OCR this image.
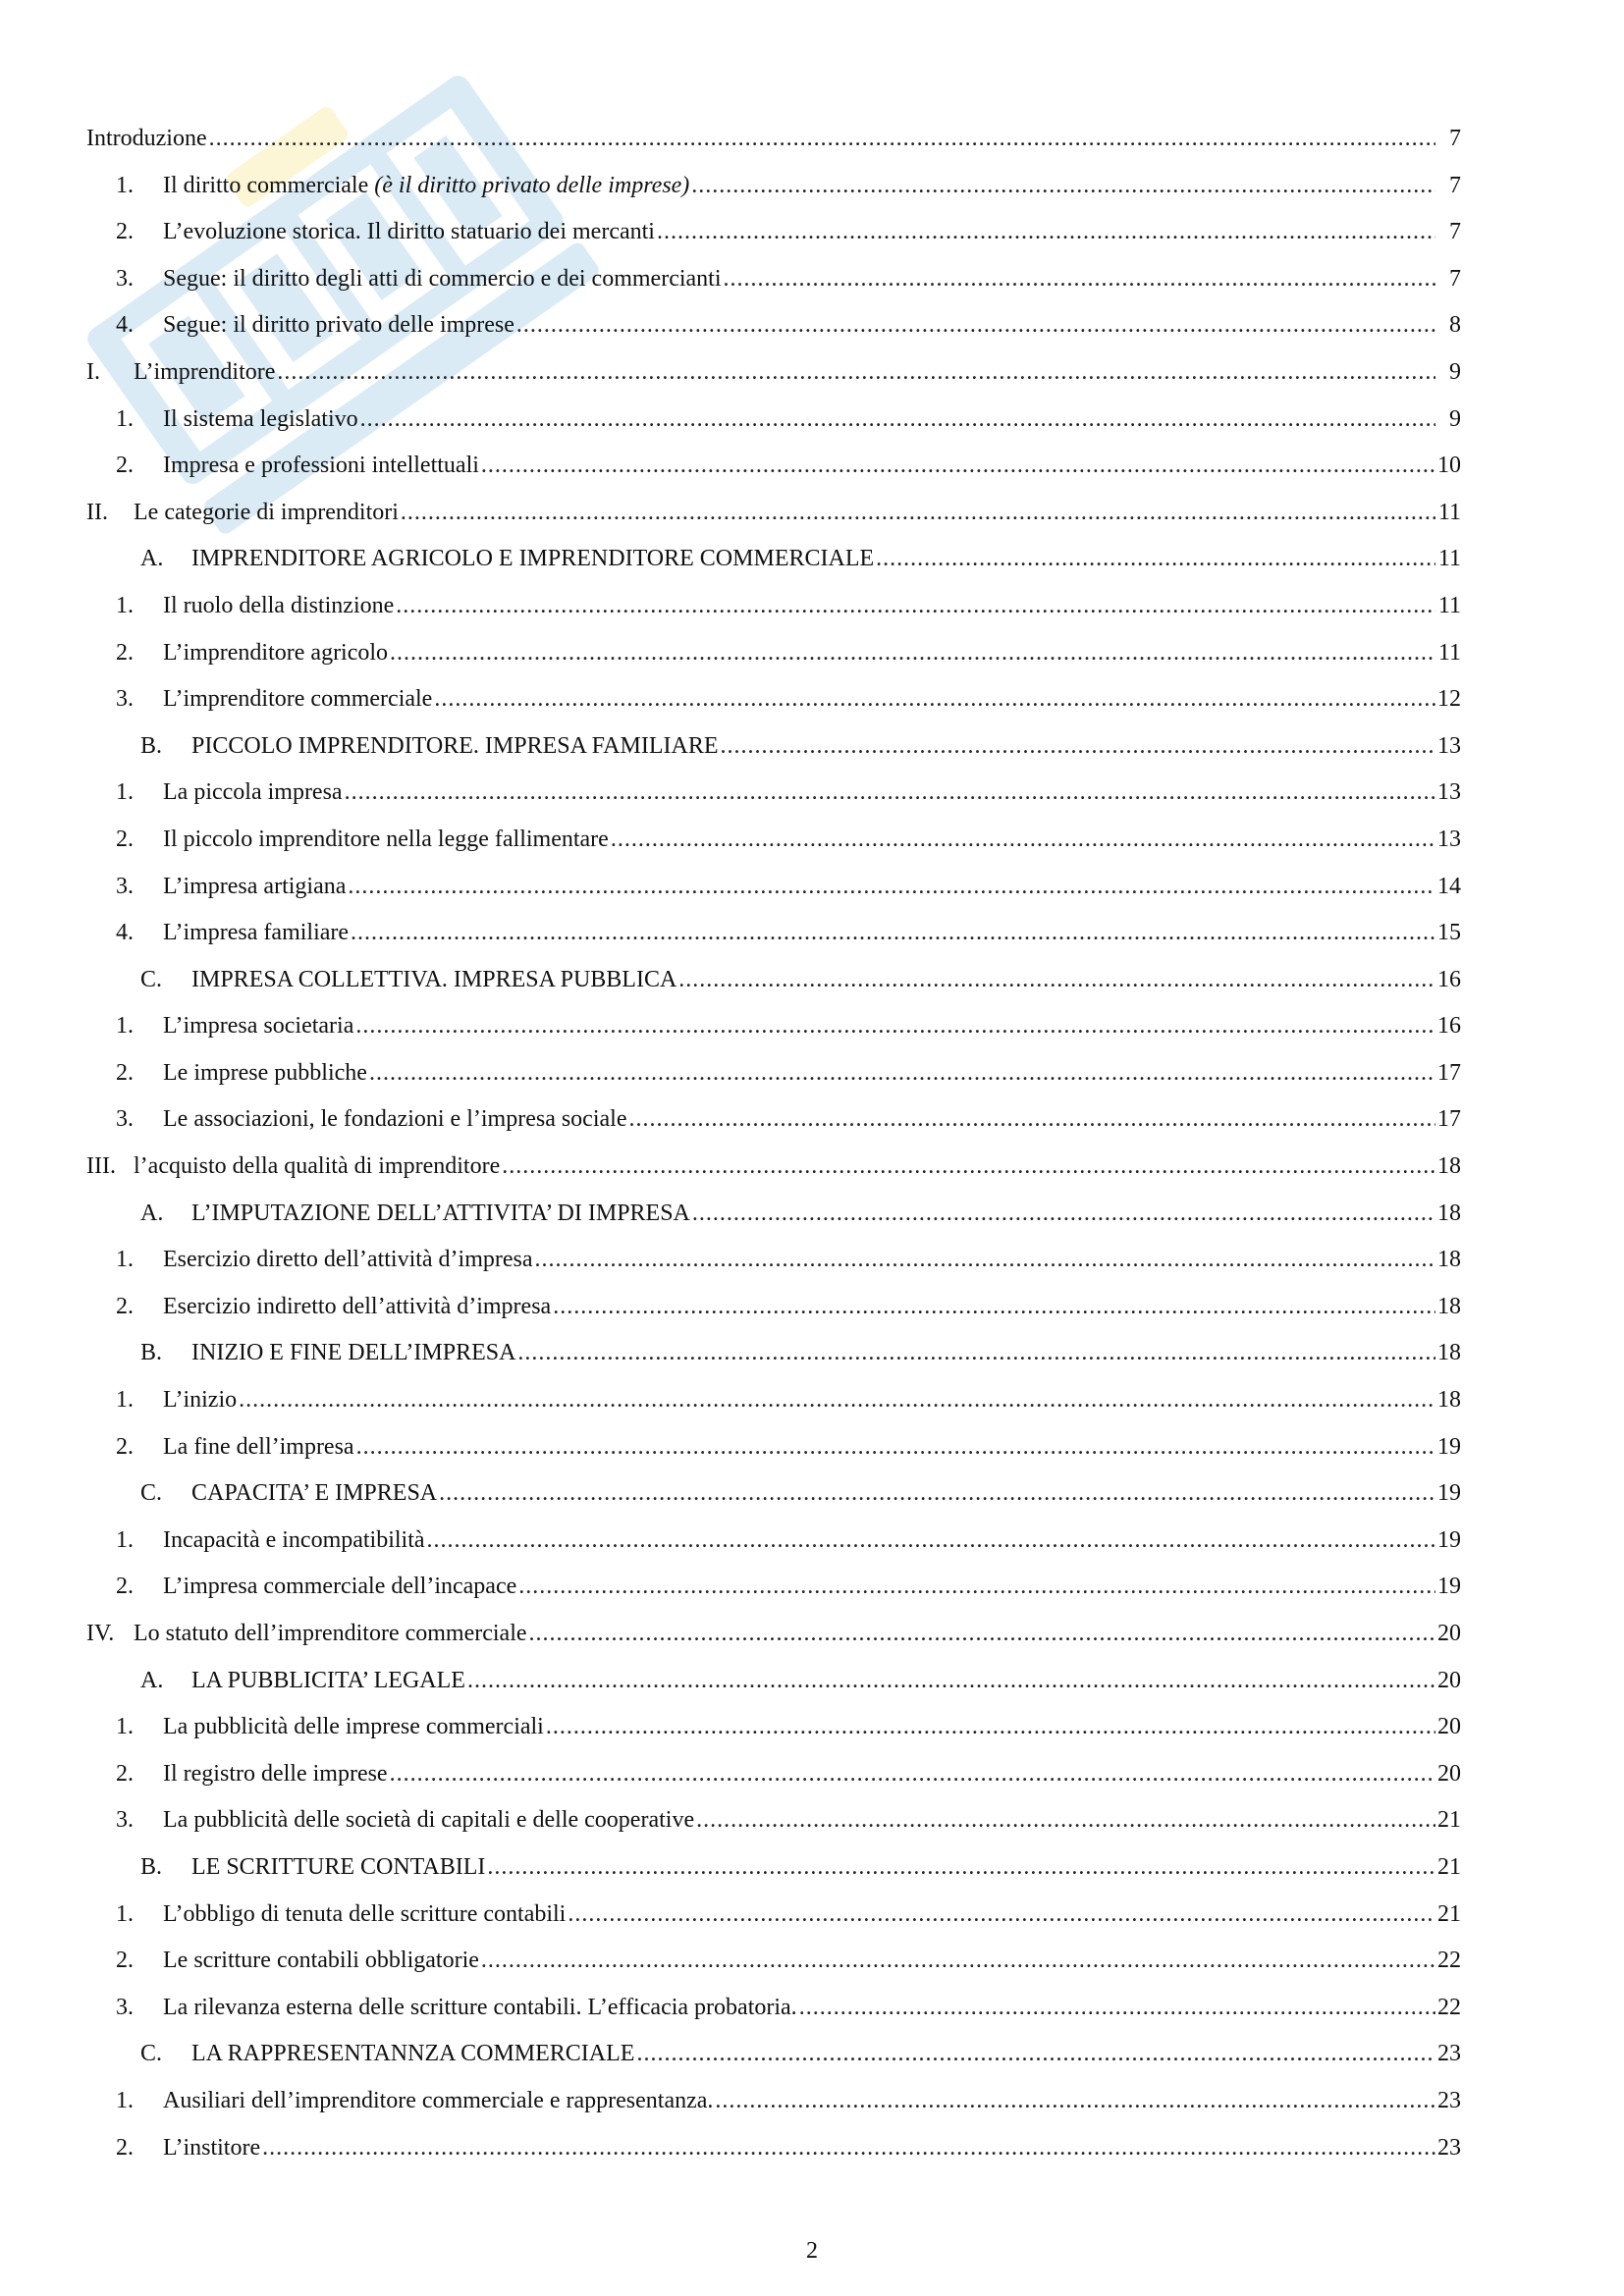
Introduzione .....	7
1.	Il diritto commerciale (è il diritto privato delle imprese) .....	7
2.	L’evoluzione storica. Il diritto statuario dei mercanti .....	7
3.	Segue: il diritto degli atti di commercio e dei commercianti .....	7
4.	Segue: il diritto privato delle imprese .....	8
I.	L’imprenditore .....	9
1.	Il sistema legislativo .....	9
2.	Impresa e professioni intellettuali .....	10
II.	Le categorie di imprenditori .....	11
A.	IMPRENDITORE AGRICOLO E IMPRENDITORE COMMERCIALE .....	11
1.	Il ruolo della distinzione .....	11
2.	L’imprenditore agricolo .....	11
3.	L’imprenditore commerciale .....	12
B.	PICCOLO IMPRENDITORE. IMPRESA FAMILIARE .....	13
1.	La piccola impresa .....	13
2.	Il piccolo imprenditore nella legge fallimentare .....	13
3.	L’impresa artigiana .....	14
4.	L’impresa familiare .....	15
C.	IMPRESA COLLETTIVA. IMPRESA PUBBLICA .....	16
1.	L’impresa societaria .....	16
2.	Le imprese pubbliche .....	17
3.	Le associazioni, le fondazioni e l’impresa sociale .....	17
III. l’acquisto della qualità di imprenditore .....	18
A.	L’IMPUTAZIONE DELL’ATTIVITA’ DI IMPRESA .....	18
1.	Esercizio diretto dell’attività d’impresa .....	18
2.	Esercizio indiretto dell’attività d’impresa .....	18
B.	INIZIO E FINE DELL’IMPRESA .....	18
1.	L’inizio .....	18
2.	La fine dell’impresa .....	19
C.	CAPACITA’ E IMPRESA .....	19
1.	Incapacità e incompatibilità .....	19
2.	L’impresa commerciale dell’incapace .....	19
IV. Lo statuto dell’imprenditore commerciale .....	20
A.	LA PUBBLICITA’ LEGALE .....	20
1.	La pubblicità delle imprese commerciali .....	20
2.	Il registro delle imprese .....	20
3.	La pubblicità delle società di capitali e delle cooperative .....	21
B.	LE SCRITTURE CONTABILI .....	21
1.	L’obbligo di tenuta delle scritture contabili .....	21
2.	Le scritture contabili obbligatorie .....	22
3.	La rilevanza esterna delle scritture contabili. L’efficacia probatoria. .....	22
C.	LA RAPPRESENTANNZA COMMERCIALE .....	23
1.	Ausiliari dell’imprenditore commerciale e rappresentanza. .....	23
2.	L’institore .....	23
2
